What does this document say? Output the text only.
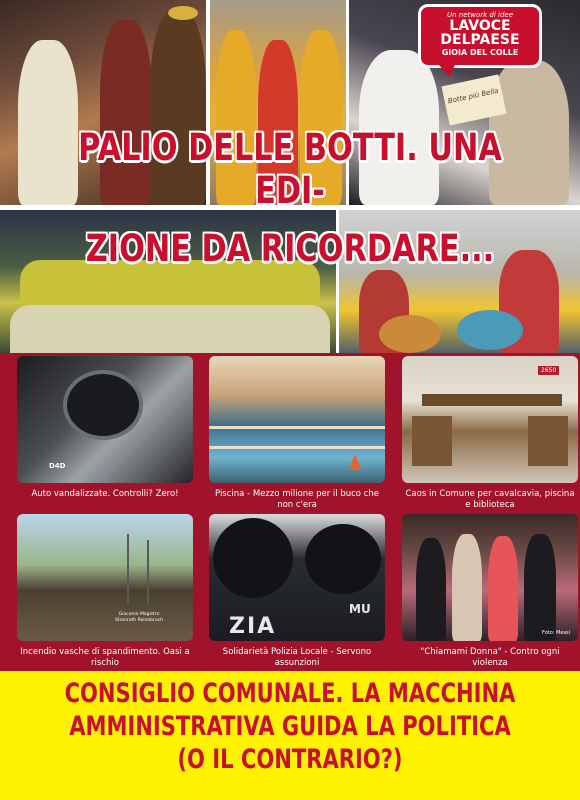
Botte più Bella
Un network di idee
LAVOCE
DELPAESE
GIOIA DEL COLLE
PALIO DELLE BOTTI. UNA EDI-
ZIONE DA RICORDARE...
D4D
Auto vandalizzate. Controlli? Zero!	Piscina - Mezzo milione per il buco che non c'era
2650
Caos in Comune per cavalcavia, piscina e biblioteca
Giacomo Magistro Stronrath Reinebruch
Incendio vasche di spandimento. Oasi a rischio
ZIA
MU
Solidarietà Polizia Locale - Servono assunzioni
Foto: Messi
"Chiamami Donna" - Contro ogni violenza
CONSIGLIO COMUNALE. LA MACCHINA
AMMINISTRATIVA GUIDA LA POLITICA
(O IL CONTRARIO?)
